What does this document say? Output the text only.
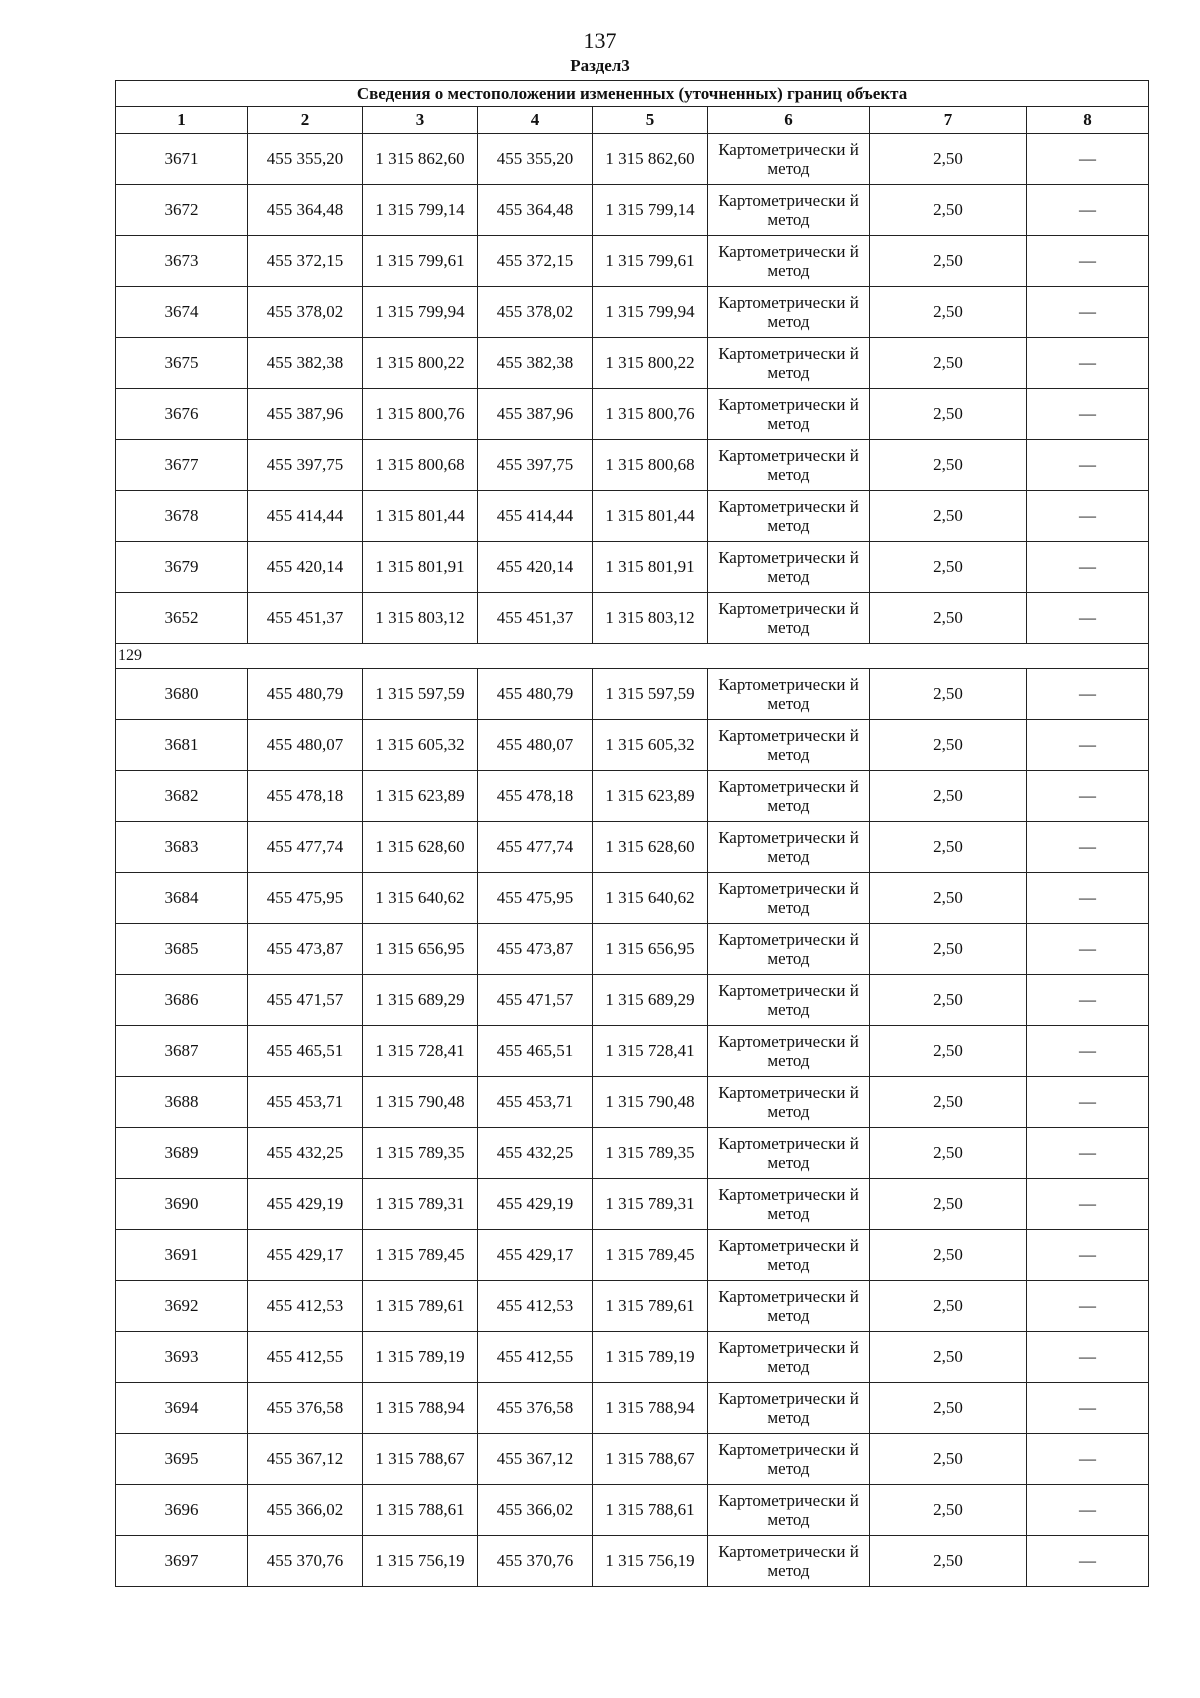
137
Раздел3
Сведения о местоположении измененных (уточненных) границ объекта							
1	2	3	4	5	6	7	8
3671	455 355,20	1 315 862,60	455 355,20	1 315 862,60	Картометрически й метод	2,50	—
3672	455 364,48	1 315 799,14	455 364,48	1 315 799,14	Картометрически й метод	2,50	—
3673	455 372,15	1 315 799,61	455 372,15	1 315 799,61	Картометрически й метод	2,50	—
3674	455 378,02	1 315 799,94	455 378,02	1 315 799,94	Картометрически й метод	2,50	—
3675	455 382,38	1 315 800,22	455 382,38	1 315 800,22	Картометрически й метод	2,50	—
3676	455 387,96	1 315 800,76	455 387,96	1 315 800,76	Картометрически й метод	2,50	—
3677	455 397,75	1 315 800,68	455 397,75	1 315 800,68	Картометрически й метод	2,50	—
3678	455 414,44	1 315 801,44	455 414,44	1 315 801,44	Картометрически й метод	2,50	—
3679	455 420,14	1 315 801,91	455 420,14	1 315 801,91	Картометрически й метод	2,50	—
3652	455 451,37	1 315 803,12	455 451,37	1 315 803,12	Картометрически й метод	2,50	—
129							
3680	455 480,79	1 315 597,59	455 480,79	1 315 597,59	Картометрически й метод	2,50	—
3681	455 480,07	1 315 605,32	455 480,07	1 315 605,32	Картометрически й метод	2,50	—
3682	455 478,18	1 315 623,89	455 478,18	1 315 623,89	Картометрически й метод	2,50	—
3683	455 477,74	1 315 628,60	455 477,74	1 315 628,60	Картометрически й метод	2,50	—
3684	455 475,95	1 315 640,62	455 475,95	1 315 640,62	Картометрически й метод	2,50	—
3685	455 473,87	1 315 656,95	455 473,87	1 315 656,95	Картометрически й метод	2,50	—
3686	455 471,57	1 315 689,29	455 471,57	1 315 689,29	Картометрически й метод	2,50	—
3687	455 465,51	1 315 728,41	455 465,51	1 315 728,41	Картометрически й метод	2,50	—
3688	455 453,71	1 315 790,48	455 453,71	1 315 790,48	Картометрически й метод	2,50	—
3689	455 432,25	1 315 789,35	455 432,25	1 315 789,35	Картометрически й метод	2,50	—
3690	455 429,19	1 315 789,31	455 429,19	1 315 789,31	Картометрически й метод	2,50	—
3691	455 429,17	1 315 789,45	455 429,17	1 315 789,45	Картометрически й метод	2,50	—
3692	455 412,53	1 315 789,61	455 412,53	1 315 789,61	Картометрически й метод	2,50	—
3693	455 412,55	1 315 789,19	455 412,55	1 315 789,19	Картометрически й метод	2,50	—
3694	455 376,58	1 315 788,94	455 376,58	1 315 788,94	Картометрически й метод	2,50	—
3695	455 367,12	1 315 788,67	455 367,12	1 315 788,67	Картометрически й метод	2,50	—
3696	455 366,02	1 315 788,61	455 366,02	1 315 788,61	Картометрически й метод	2,50	—
3697	455 370,76	1 315 756,19	455 370,76	1 315 756,19	Картометрически й метод	2,50	—
